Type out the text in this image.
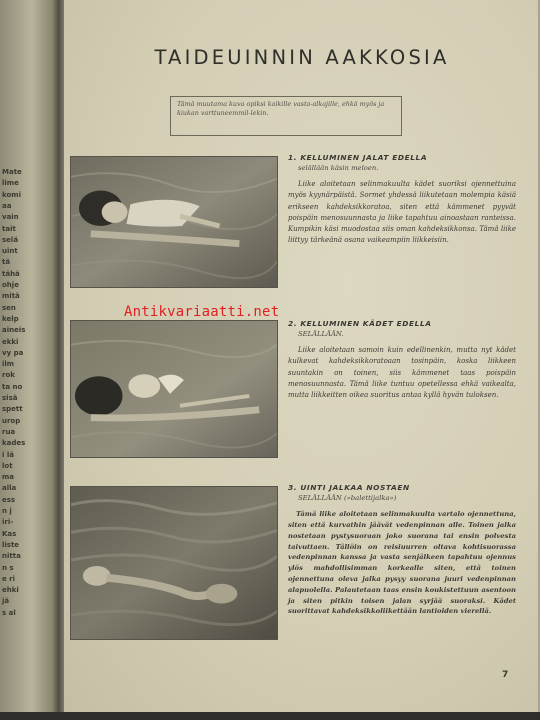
Mate
lime
komi
aa
vain
tait
selä
uint
tä
tähä
ohje
mitä
sen
kelp
aineis
ekki
vy pa
ilm
rok
ta no
sisä
spett
urop
rua
kades
i lä
lot
ma
alla
ess
n j
iri-
Kas
liste
nitta
n s
e ri
ehki
jä
s al
TAIDEUINNIN AAKKOSIA
Tämä muutama kuva opiksi kaikille vasta-alkajille, ehkä myös ja kiukan varttuneemmil-lekin.
1. KELLUMINEN JALAT EDELLA
selällään käsin meloen.
Liike aloitetaan selinmakuulta kädet suoriksi ojennettuina myös kyynärpäistä. Sormet yhdessä liikutetaan molempia käsiä erikseen kahdeksikkoratoa, siten että kämmenet pyyvät poispäin menosuunnasta ja liike tapahtuu ainoastaan ranteissa. Kumpikin käsi muodostaa siis oman kahdeksikkonsa. Tämä liike liittyy tärkeänä osana vaikeampiin liikkeisiin.
2. KELLUMINEN KÄDET EDELLA
SELÄLLÄÄN.
Liike aloitetaan samoin kuin edellinenkin, mutta nyt kädet kulkevat kahdeksikkoratoaan tosinpäin, koska liikkeen suuntakin on toinen, siis kämmenet taas poispäin menosuunnasta. Tämä liike tuntuu opetellessa ehkä vaikealta, mutta liikkeitten oikea suoritus antaa kyllä hyvän tuloksen.
3. UINTI JALKAA NOSTAEN
SELÄLLÄÄN (»balettijalka»)
Tämä liike aloitetaan selinmakuulta vartalo ojennettuna, siten että kurvathin jäävät vedenpinnan alle. Toinen jalka nostetaan pystysuoraan joko suorana tai ensin polvesta taivuttaen. Tällöin on reisiuurren oltava kohtisuorassa vedenpinnan kanssa ja vasta senjälkeen tapahtuu ojennus ylös mahdollisimman korkealle siten, että toinen ojennettuna oleva jalka pysyy suorana juuri vedenpinnan alapuolella. Palautetaan taas ensin koukistettuun asentoon ja siten pitkin toisen jalan syrjää suoraksi. Kädet suorittavat kahdeksikkoliikettään lantioiden vierellä.
7
Antikvariaatti.net
